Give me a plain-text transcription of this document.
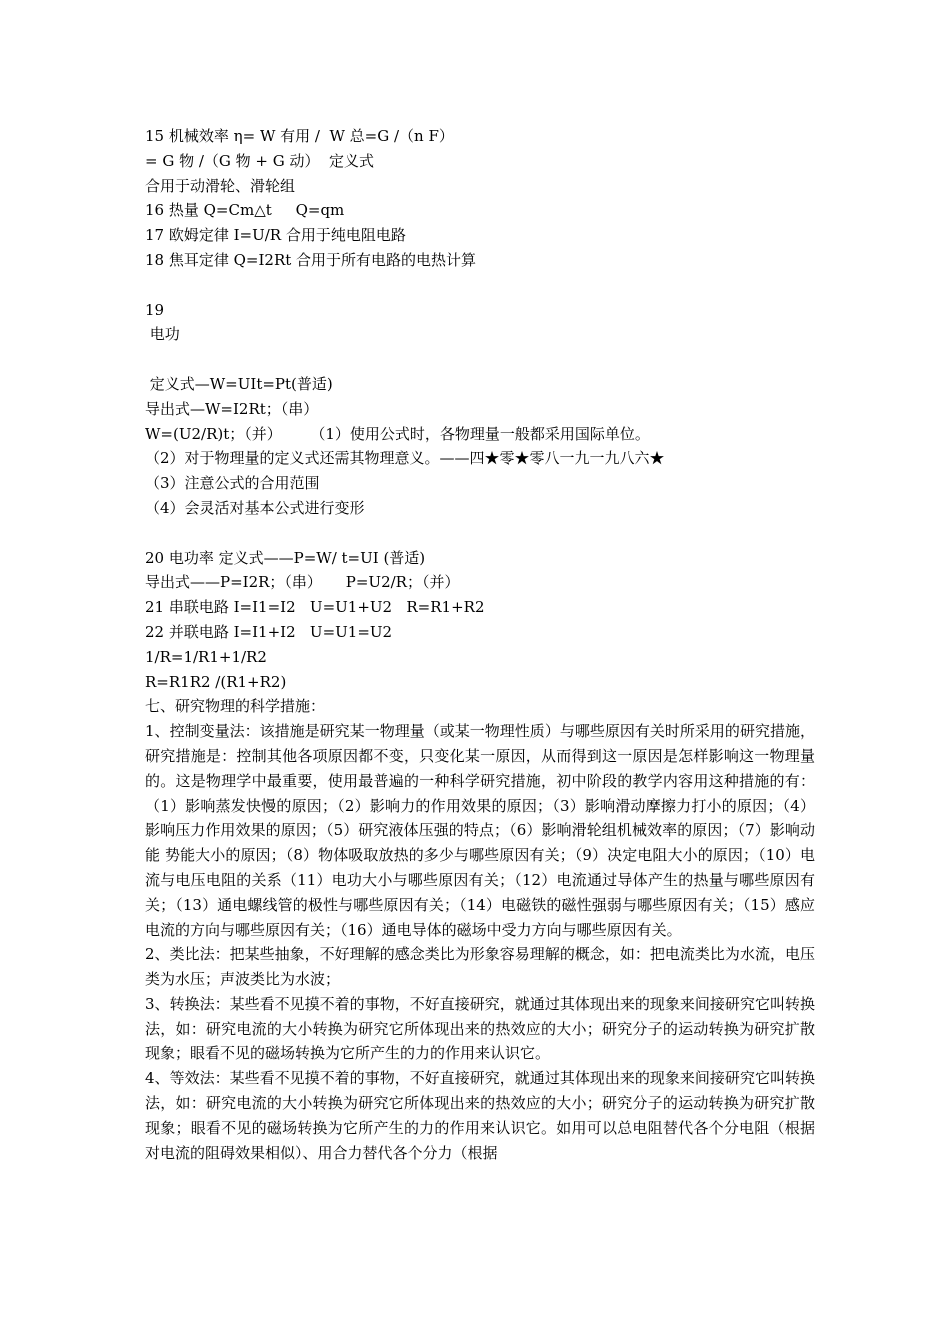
15 机械效率 η= W 有用 /  W 总=G /（n F）
= G 物 /（G 物 + G 动）  定义式
合用于动滑轮、滑轮组
16 热量 Q=Cm△t     Q=qm
17 欧姆定律 I=U/R 合用于纯电阻电路
18 焦耳定律 Q=I2Rt 合用于所有电路的电热计算
19
电功
定义式—W=UIt=Pt(普适)
导出式—W=I2Rt；（串）
W=(U2/R)t；（并）      （1）使用公式时，各物理量一般都采用国际单位。
（2）对于物理量的定义式还需其物理意义。——四★零★零八一九一九八六★
（3）注意公式的合用范围
（4）会灵活对基本公式进行变形
20 电功率 定义式——P=W/ t=UI (普适)
导出式——P=I2R；（串）     P=U2/R；（并）
21 串联电路 I=I1=I2   U=U1+U2   R=R1+R2
22 并联电路 I=I1+I2   U=U1=U2
1/R=1/R1+1/R2
R=R1R2 /(R1+R2)
七、研究物理的科学措施：
1、控制变量法：该措施是研究某一物理量（或某一物理性质）与哪些原因有关时所采用的研究措施，研究措施是：控制其他各项原因都不变，只变化某一原因，从而得到这一原因是怎样影响这一物理量的。这是物理学中最重要，使用最普遍的一种科学研究措施，初中阶段的教学内容用这种措施的有：（1）影响蒸发快慢的原因；（2）影响力的作用效果的原因；（3）影响滑动摩擦力打小的原因；（4）影响压力作用效果的原因；（5）研究液体压强的特点；（6）影响滑轮组机械效率的原因；（7）影响动能 势能大小的原因；（8）物体吸取放热的多少与哪些原因有关；（9）决定电阻大小的原因；（10）电流与电压电阻的关系（11）电功大小与哪些原因有关；（12）电流通过导体产生的热量与哪些原因有关；（13）通电螺线管的极性与哪些原因有关；（14）电磁铁的磁性强弱与哪些原因有关；（15）感应电流的方向与哪些原因有关；（16）通电导体的磁场中受力方向与哪些原因有关。
2、类比法：把某些抽象，不好理解的感念类比为形象容易理解的概念，如：把电流类比为水流，电压类为水压；声波类比为水波；
3、转换法：某些看不见摸不着的事物，不好直接研究，就通过其体现出来的现象来间接研究它叫转换法，如：研究电流的大小转换为研究它所体现出来的热效应的大小；研究分子的运动转换为研究扩散现象；眼看不见的磁场转换为它所产生的力的作用来认识它。
4、等效法：某些看不见摸不着的事物，不好直接研究，就通过其体现出来的现象来间接研究它叫转换法，如：研究电流的大小转换为研究它所体现出来的热效应的大小；研究分子的运动转换为研究扩散现象；眼看不见的磁场转换为它所产生的力的作用来认识它。如用可以总电阻替代各个分电阻（根据对电流的阻碍效果相似）、用合力替代各个分力（根据
